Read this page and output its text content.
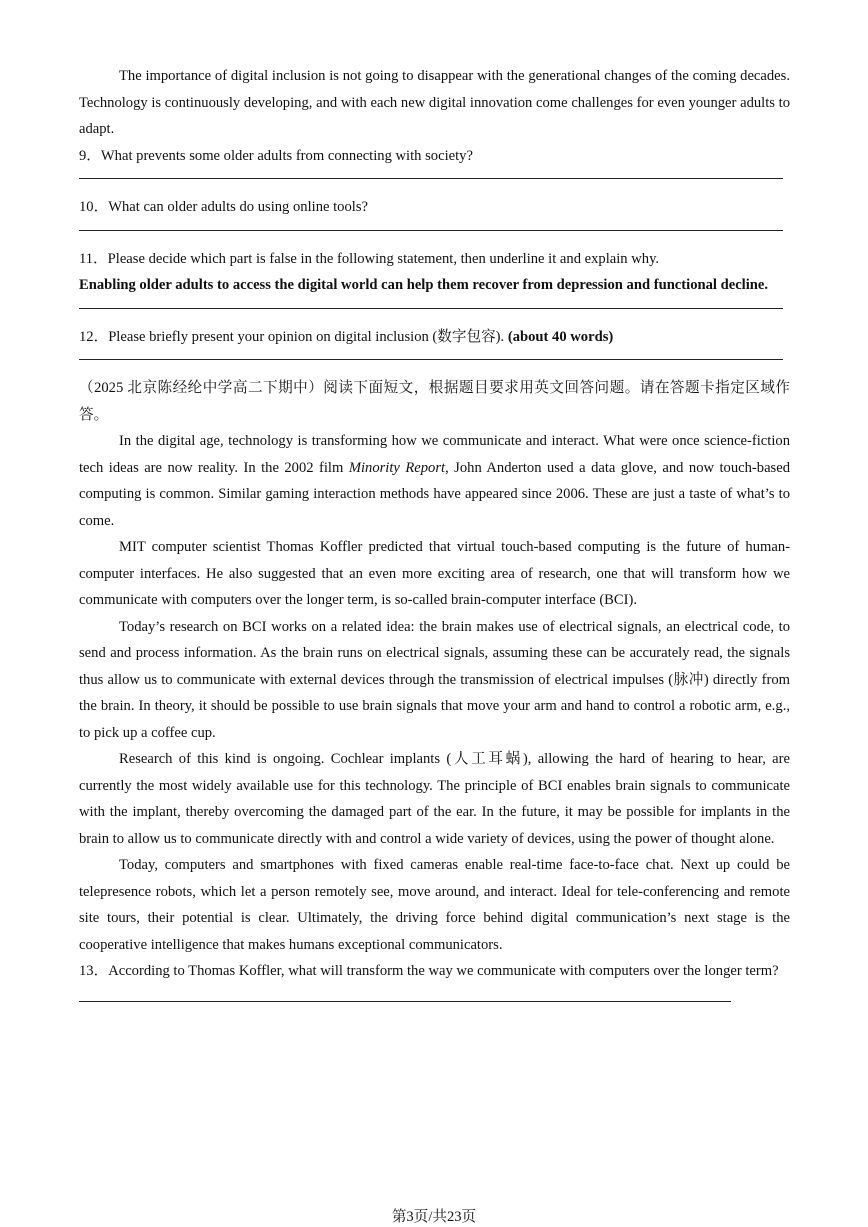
The importance of digital inclusion is not going to disappear with the generational changes of the coming decades. Technology is continuously developing, and with each new digital innovation come challenges for even younger adults to adapt.

9．What prevents some older adults from connecting with society?

10．What can older adults do using online tools?

11．Please decide which part is false in the following statement, then underline it and explain why.

Enabling older adults to access the digital world can help them recover from depression and functional decline.

12．Please briefly present your opinion on digital inclusion (数字包容). (about 40 words)

（2025 北京陈经纶中学高二下期中）阅读下面短文，根据题目要求用英文回答问题。请在答题卡指定区域作答。

In the digital age, technology is transforming how we communicate and interact. What were once science-fiction tech ideas are now reality. In the 2002 film Minority Report, John Anderton used a data glove, and now touch-based computing is common. Similar gaming interaction methods have appeared since 2006. These are just a taste of what’s to come.

MIT computer scientist Thomas Koffler predicted that virtual touch-based computing is the future of human-computer interfaces. He also suggested that an even more exciting area of research, one that will transform how we communicate with computers over the longer term, is so-called brain-computer interface (BCI).

Today’s research on BCI works on a related idea: the brain makes use of electrical signals, an electrical code, to send and process information. As the brain runs on electrical signals, assuming these can be accurately read, the signals thus allow us to communicate with external devices through the transmission of electrical impulses (脉冲) directly from the brain. In theory, it should be possible to use brain signals that move your arm and hand to control a robotic arm, e.g., to pick up a coffee cup.

Research of this kind is ongoing. Cochlear implants (人工耳蜗), allowing the hard of hearing to hear, are currently the most widely available use for this technology. The principle of BCI enables brain signals to communicate with the implant, thereby overcoming the damaged part of the ear. In the future, it may be possible for implants in the brain to allow us to communicate directly with and control a wide variety of devices, using the power of thought alone.

Today, computers and smartphones with fixed cameras enable real-time face-to-face chat. Next up could be telepresence robots, which let a person remotely see, move around, and interact. Ideal for tele-conferencing and remote site tours, their potential is clear. Ultimately, the driving force behind digital communication’s next stage is the cooperative intelligence that makes humans exceptional communicators.

13．According to Thomas Koffler, what will transform the way we communicate with computers over the longer term?

第3页/共23页
